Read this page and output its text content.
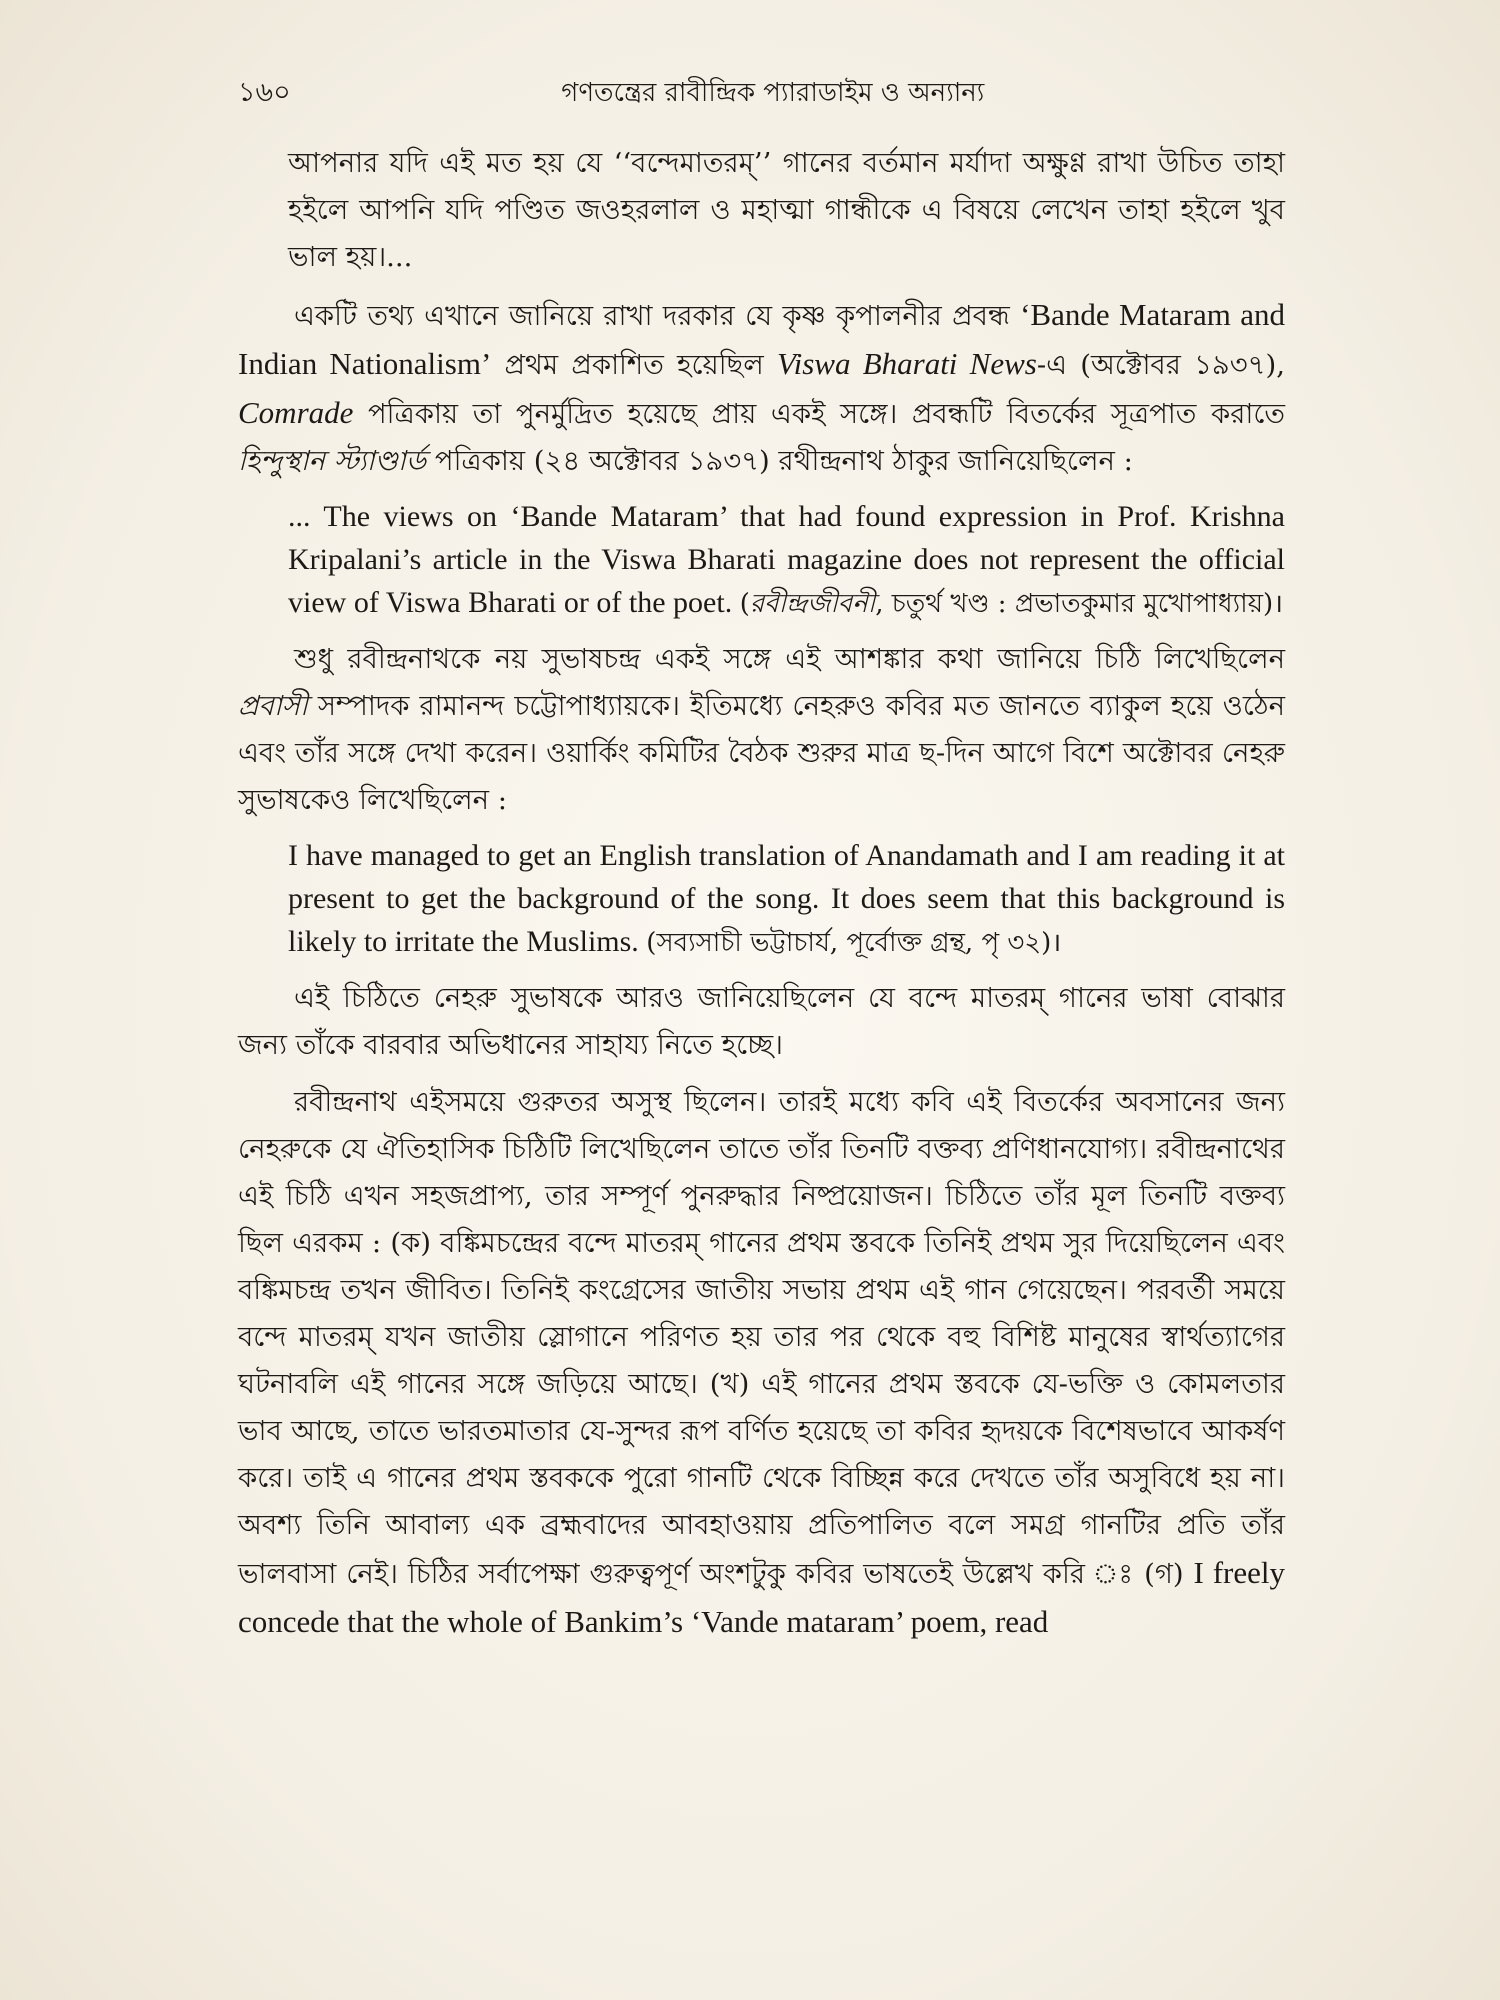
১৬০	গণতন্ত্রের রাবীন্দ্রিক প্যারাডাইম ও অন্যান্য

আপনার যদি এই মত হয় যে ‘‘বন্দেমাতরম্’’ গানের বর্তমান মর্যাদা অক্ষুণ্ণ রাখা উচিত তাহা হইলে আপনি যদি পণ্ডিত জওহরলাল ও মহাত্মা গান্ধীকে এ বিষয়ে লেখেন তাহা হইলে খুব ভাল হয়।...

একটি তথ্য এখানে জানিয়ে রাখা দরকার যে কৃষ্ণ কৃপালনীর প্রবন্ধ ‘Bande Mataram and Indian Nationalism’ প্রথম প্রকাশিত হয়েছিল Viswa Bharati News-এ (অক্টোবর ১৯৩৭), Comrade পত্রিকায় তা পুনর্মুদ্রিত হয়েছে প্রায় একই সঙ্গে। প্রবন্ধটি বিতর্কের সূত্রপাত করাতে হিন্দুস্থান স্ট্যাণ্ডার্ড পত্রিকায় (২৪ অক্টোবর ১৯৩৭) রথীন্দ্রনাথ ঠাকুর জানিয়েছিলেন :

... The views on ‘Bande Mataram’ that had found expression in Prof. Krishna Kripalani’s article in the Viswa Bharati magazine does not represent the official view of Viswa Bharati or of the poet. (রবীন্দ্রজীবনী, চতুর্থ খণ্ড : প্রভাতকুমার মুখোপাধ্যায়)।

শুধু রবীন্দ্রনাথকে নয় সুভাষচন্দ্র একই সঙ্গে এই আশঙ্কার কথা জানিয়ে চিঠি লিখেছিলেন প্রবাসী সম্পাদক রামানন্দ চট্টোপাধ্যায়কে। ইতিমধ্যে নেহরুও কবির মত জানতে ব্যাকুল হয়ে ওঠেন এবং তাঁর সঙ্গে দেখা করেন। ওয়ার্কিং কমিটির বৈঠক শুরুর মাত্র ছ-দিন আগে বিশে অক্টোবর নেহরু সুভাষকেও লিখেছিলেন :

I have managed to get an English translation of Anandamath and I am reading it at present to get the background of the song. It does seem that this background is likely to irritate the Muslims. (সব্যসাচী ভট্টাচার্য, পূর্বোক্ত গ্রন্থ, পৃ ৩২)।

এই চিঠিতে নেহরু সুভাষকে আরও জানিয়েছিলেন যে বন্দে মাতরম্ গানের ভাষা বোঝার জন্য তাঁকে বারবার অভিধানের সাহায্য নিতে হচ্ছে।

রবীন্দ্রনাথ এইসময়ে গুরুতর অসুস্থ ছিলেন। তারই মধ্যে কবি এই বিতর্কের অবসানের জন্য নেহরুকে যে ঐতিহাসিক চিঠিটি লিখেছিলেন তাতে তাঁর তিনটি বক্তব্য প্রণিধানযোগ্য। রবীন্দ্রনাথের এই চিঠি এখন সহজপ্রাপ্য, তার সম্পূর্ণ পুনরুদ্ধার নিষ্প্রয়োজন। চিঠিতে তাঁর মূল তিনটি বক্তব্য ছিল এরকম : (ক) বঙ্কিমচন্দ্রের বন্দে মাতরম্ গানের প্রথম স্তবকে তিনিই প্রথম সুর দিয়েছিলেন এবং বঙ্কিমচন্দ্র তখন জীবিত। তিনিই কংগ্রেসের জাতীয় সভায় প্রথম এই গান গেয়েছেন। পরবর্তী সময়ে বন্দে মাতরম্ যখন জাতীয় স্লোগানে পরিণত হয় তার পর থেকে বহু বিশিষ্ট মানুষের স্বার্থত্যাগের ঘটনাবলি এই গানের সঙ্গে জড়িয়ে আছে। (খ) এই গানের প্রথম স্তবকে যে-ভক্তি ও কোমলতার ভাব আছে, তাতে ভারতমাতার যে-সুন্দর রূপ বর্ণিত হয়েছে তা কবির হৃদয়কে বিশেষভাবে আকর্ষণ করে। তাই এ গানের প্রথম স্তবককে পুরো গানটি থেকে বিচ্ছিন্ন করে দেখতে তাঁর অসুবিধে হয় না। অবশ্য তিনি আবাল্য এক ব্রহ্মবাদের আবহাওয়ায় প্রতিপালিত বলে সমগ্র গানটির প্রতি তাঁর ভালবাসা নেই। চিঠির সর্বাপেক্ষা গুরুত্বপূর্ণ অংশটুকু কবির ভাষতেই উল্লেখ করি ঃ (গ) I freely concede that the whole of Bankim’s ‘Vande mataram’ poem, read
